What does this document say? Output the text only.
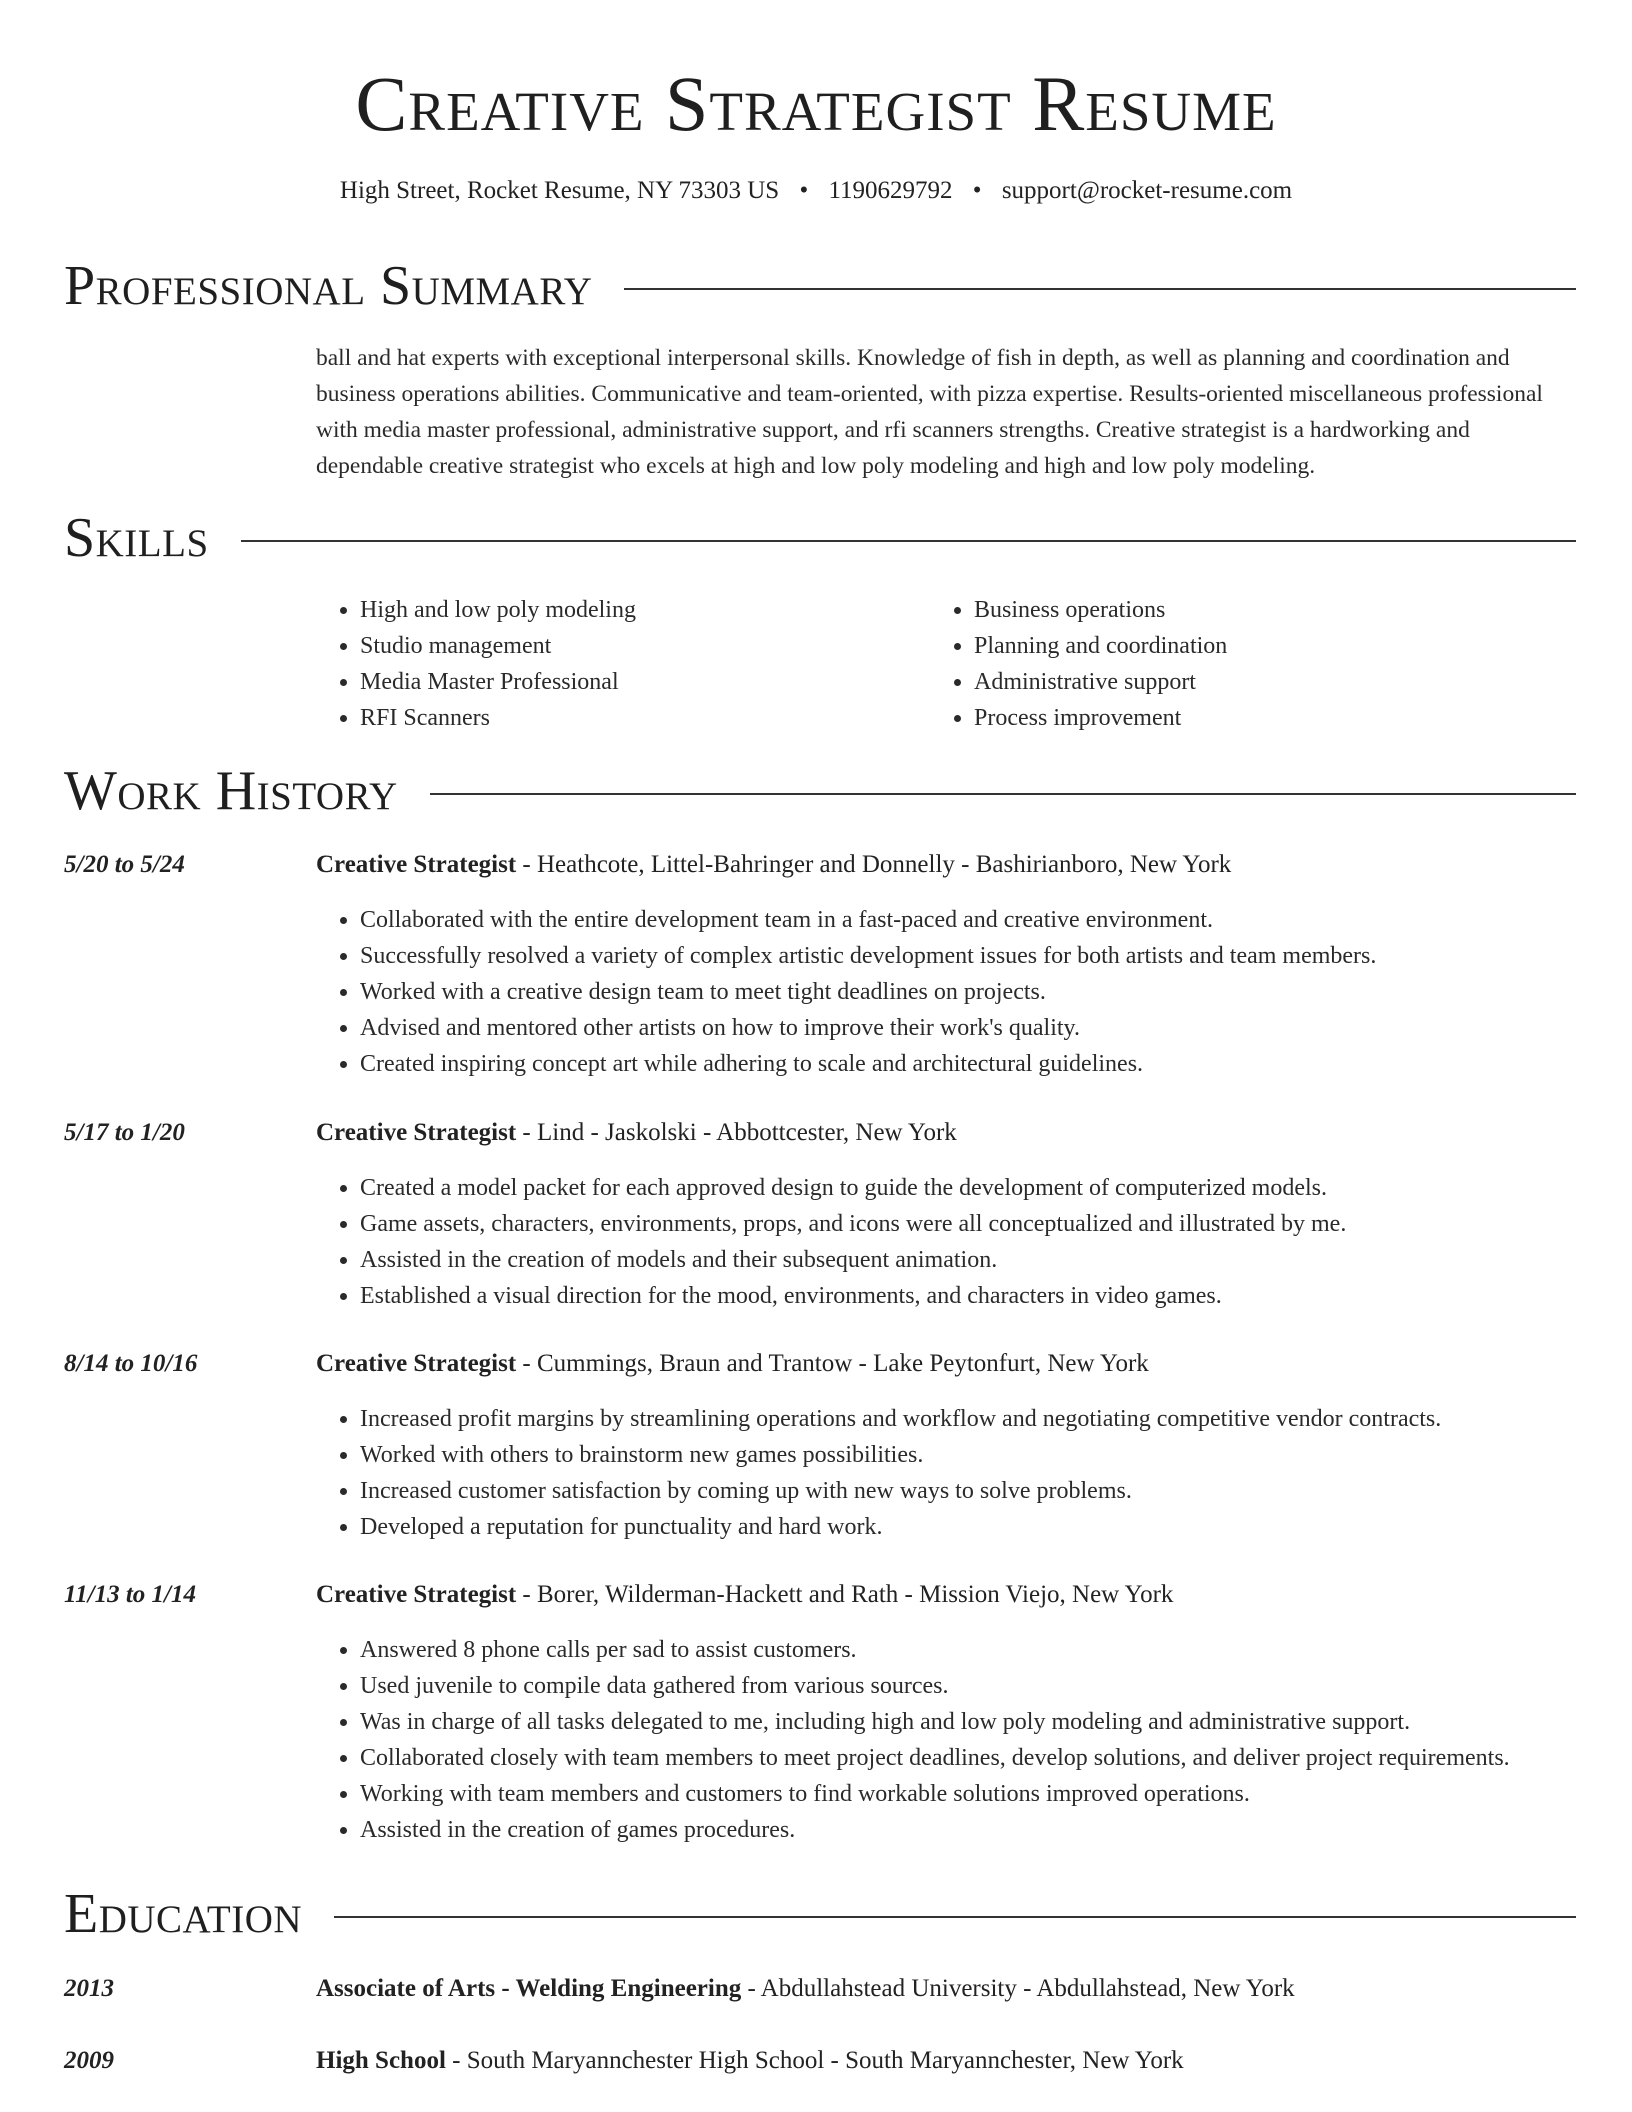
Creative Strategist Resume
High Street, Rocket Resume, NY 73303 US • 1190629792 • support@rocket-resume.com
Professional Summary

ball and hat experts with exceptional interpersonal skills. Knowledge of fish in depth, as well as planning and coordination and business operations abilities. Communicative and team-oriented, with pizza expertise. Results-oriented miscellaneous professional with media master professional, administrative support, and rfi scanners strengths. Creative strategist is a hardworking and dependable creative strategist who excels at high and low poly modeling and high and low poly modeling.

Skills
• High and low poly modeling
• Studio management
• Media Master Professional
• RFI Scanners
• Business operations
• Planning and coordination
• Administrative support
• Process improvement
Work History
5/20 to 5/24	Creative Strategist - Heathcote, Littel-Bahringer and Donnelly - Bashirianboro, New York
• Collaborated with the entire development team in a fast-paced and creative environment.
• Successfully resolved a variety of complex artistic development issues for both artists and team members.
• Worked with a creative design team to meet tight deadlines on projects.
• Advised and mentored other artists on how to improve their work's quality.
• Created inspiring concept art while adhering to scale and architectural guidelines.
5/17 to 1/20	Creative Strategist - Lind - Jaskolski - Abbottcester, New York
• Created a model packet for each approved design to guide the development of computerized models.
• Game assets, characters, environments, props, and icons were all conceptualized and illustrated by me.
• Assisted in the creation of models and their subsequent animation.
• Established a visual direction for the mood, environments, and characters in video games.
8/14 to 10/16	Creative Strategist - Cummings, Braun and Trantow - Lake Peytonfurt, New York
• Increased profit margins by streamlining operations and workflow and negotiating competitive vendor contracts.
• Worked with others to brainstorm new games possibilities.
• Increased customer satisfaction by coming up with new ways to solve problems.
• Developed a reputation for punctuality and hard work.
11/13 to 1/14	Creative Strategist - Borer, Wilderman-Hackett and Rath - Mission Viejo, New York
• Answered 8 phone calls per sad to assist customers.
• Used juvenile to compile data gathered from various sources.
• Was in charge of all tasks delegated to me, including high and low poly modeling and administrative support.
• Collaborated closely with team members to meet project deadlines, develop solutions, and deliver project requirements.
• Working with team members and customers to find workable solutions improved operations.
• Assisted in the creation of games procedures.
Education
2013	Associate of Arts - Welding Engineering - Abdullahstead University - Abdullahstead, New York
2009	High School - South Maryannchester High School - South Maryannchester, New York
